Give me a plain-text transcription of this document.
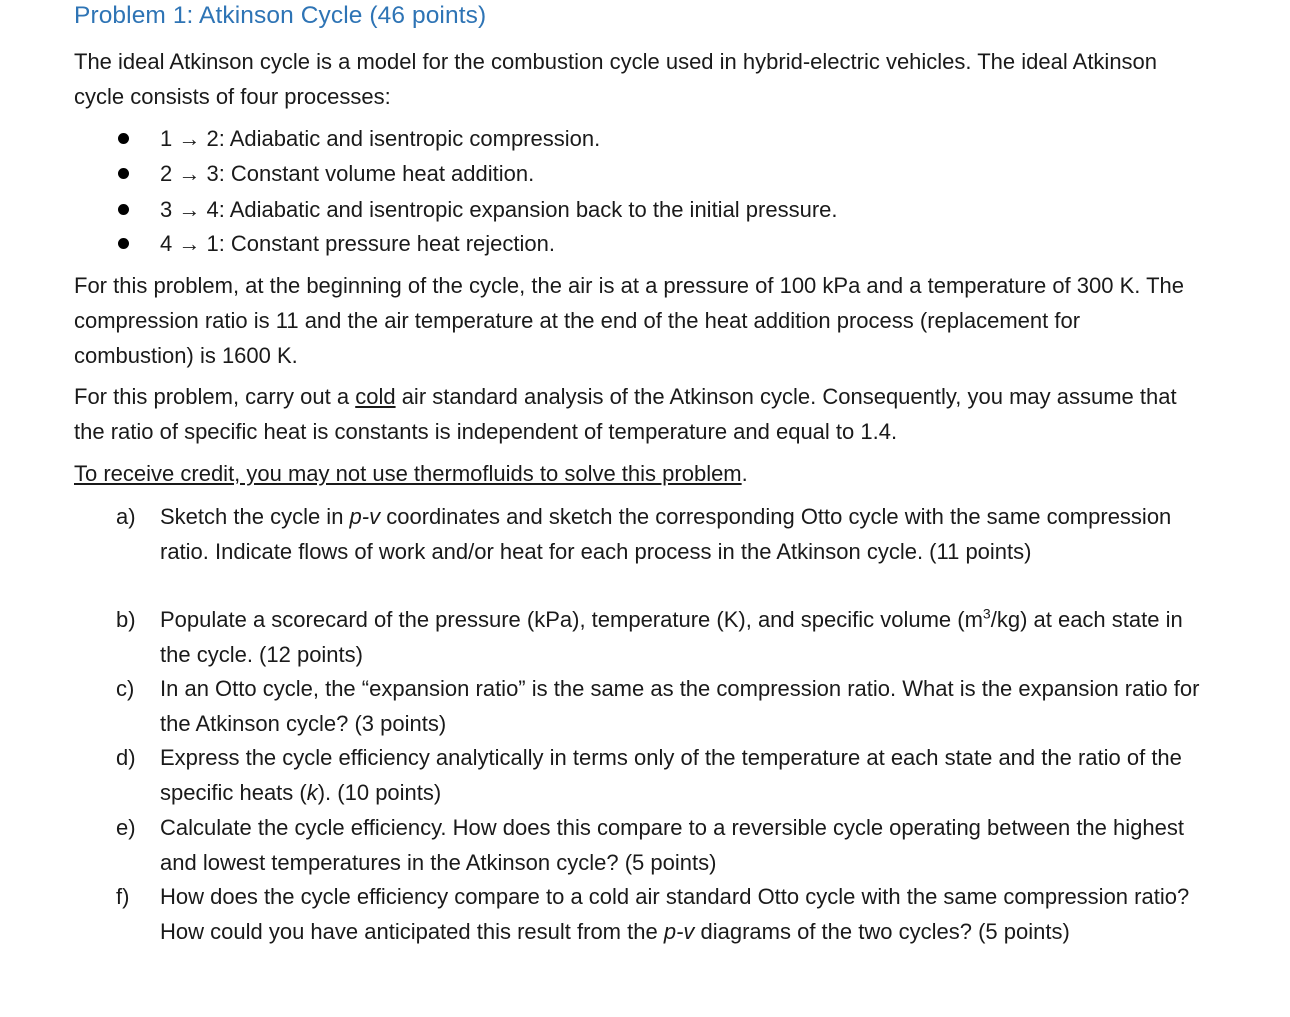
Problem 1: Atkinson Cycle (46 points)
The ideal Atkinson cycle is a model for the combustion cycle used in hybrid-electric vehicles. The ideal Atkinson cycle consists of four processes:
1 → 2: Adiabatic and isentropic compression.
2 → 3: Constant volume heat addition.
3 → 4: Adiabatic and isentropic expansion back to the initial pressure.
4 → 1: Constant pressure heat rejection.
For this problem, at the beginning of the cycle, the air is at a pressure of 100 kPa and a temperature of 300 K. The compression ratio is 11 and the air temperature at the end of the heat addition process (replacement for combustion) is 1600 K.
For this problem, carry out a cold air standard analysis of the Atkinson cycle. Consequently, you may assume that the ratio of specific heat is constants is independent of temperature and equal to 1.4.
To receive credit, you may not use thermofluids to solve this problem.
a) Sketch the cycle in p-v coordinates and sketch the corresponding Otto cycle with the same compression ratio. Indicate flows of work and/or heat for each process in the Atkinson cycle. (11 points)
b) Populate a scorecard of the pressure (kPa), temperature (K), and specific volume $(m^3/kg)$ at each state in the cycle. (12 points)
c) In an Otto cycle, the “expansion ratio” is the same as the compression ratio. What is the expansion ratio for the Atkinson cycle? (3 points)
d) Express the cycle efficiency analytically in terms only of the temperature at each state and the ratio of the specific heats (k). (10 points)
e) Calculate the cycle efficiency. How does this compare to a reversible cycle operating between the highest and lowest temperatures in the Atkinson cycle? (5 points)
f) How does the cycle efficiency compare to a cold air standard Otto cycle with the same compression ratio? How could you have anticipated this result from the p-v diagrams of the two cycles? (5 points)
